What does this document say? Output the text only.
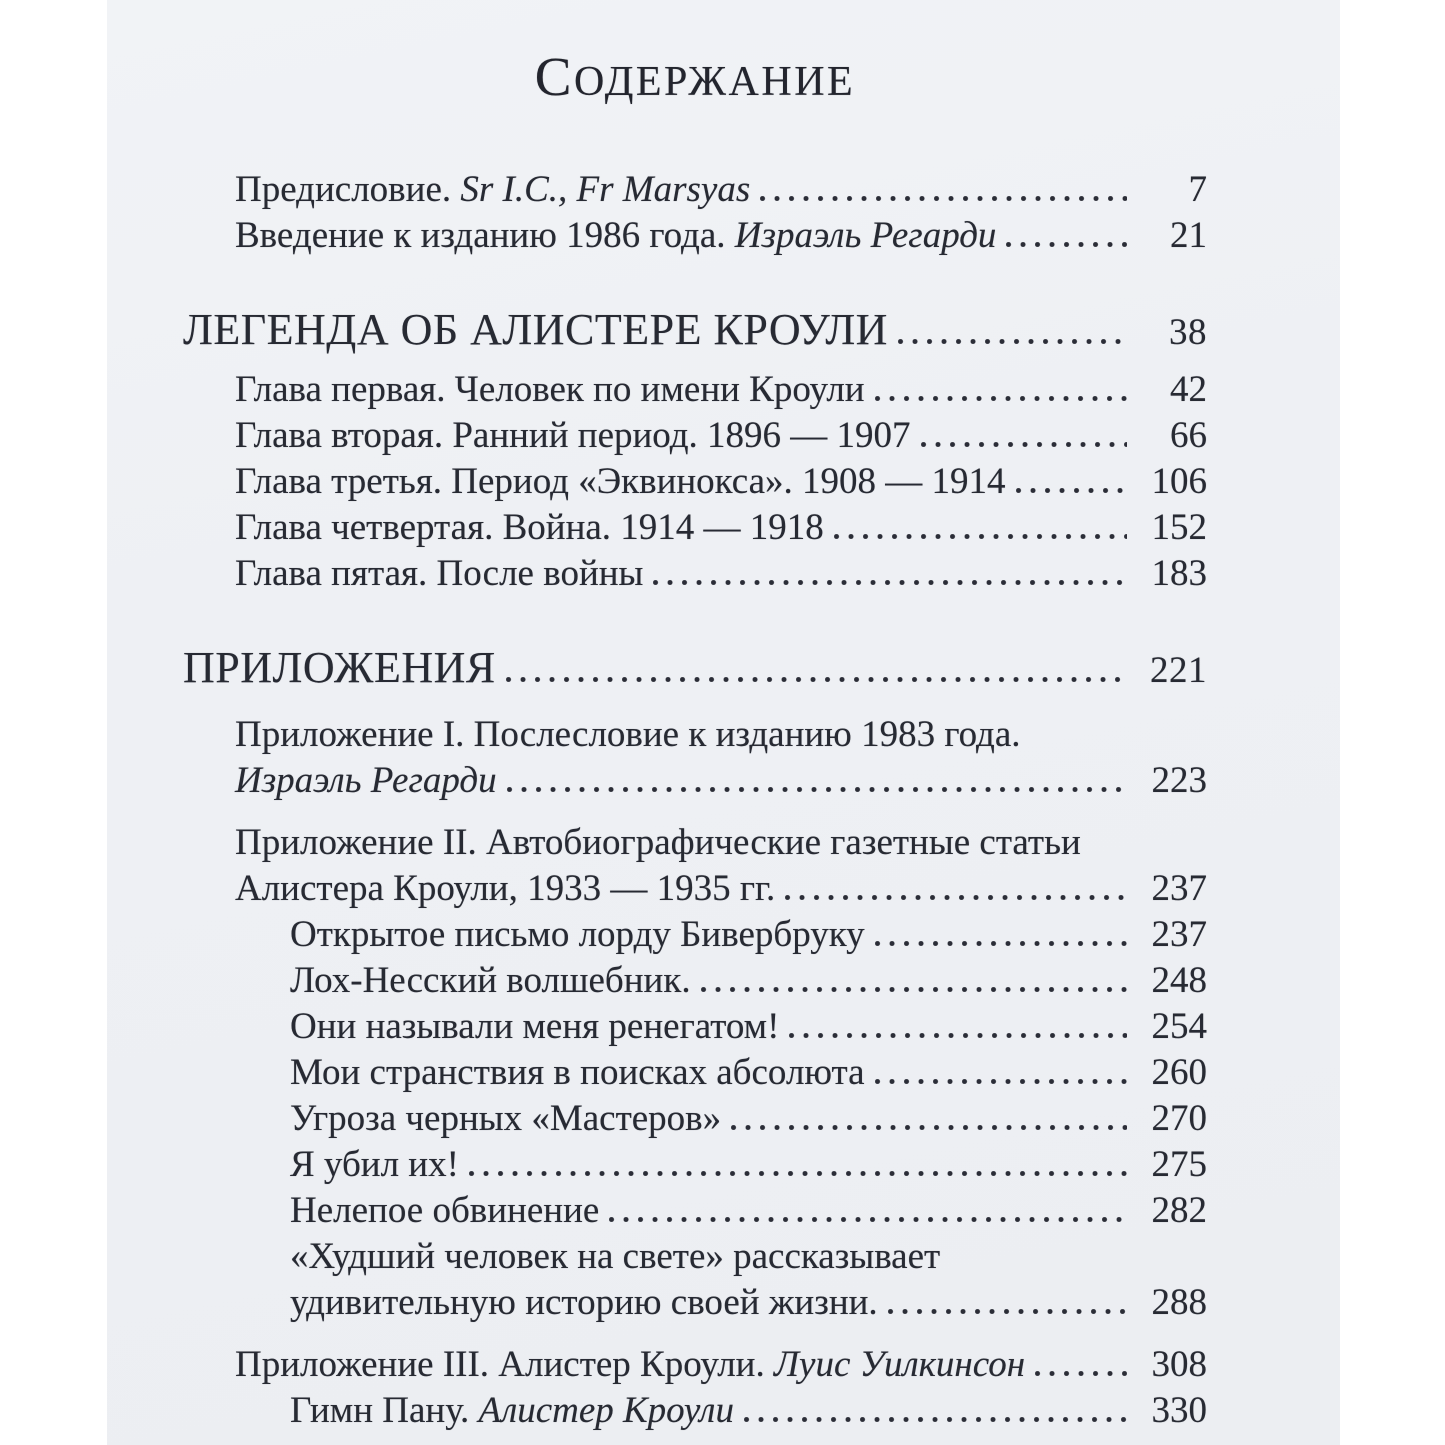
СОДЕРЖАНИЕ
Предисловие. Sr I.C., Fr Marsyas	7
Введение к изданию 1986 года. Израэль Регарди	21
ЛЕГЕНДА ОБ АЛИСТЕРЕ КРОУЛИ	38
Глава первая. Человек по имени Кроули	42
Глава вторая. Ранний период. 1896 — 1907	66
Глава третья. Период «Эквинокса». 1908 — 1914	106
Глава четвертая. Война. 1914 — 1918	152
Глава пятая. После войны	183
ПРИЛОЖЕНИЯ	221
Приложение I. Послесловие к изданию 1983 года.
Израэль Регарди	223
Приложение II. Автобиографические газетные статьи
Алистера Кроули, 1933 — 1935 гг.	237
Открытое письмо лорду Бивербруку	237
Лох-Несский волшебник.	248
Они называли меня ренегатом!	254
Мои странствия в поисках абсолюта	260
Угроза черных «Мастеров»	270
Я убил их!	275
Нелепое обвинение	282
«Худший человек на свете» рассказывает
удивительную историю своей жизни.	288
Приложение III. Алистер Кроули. Луис Уилкинсон	308
Гимн Пану. Алистер Кроули	330
